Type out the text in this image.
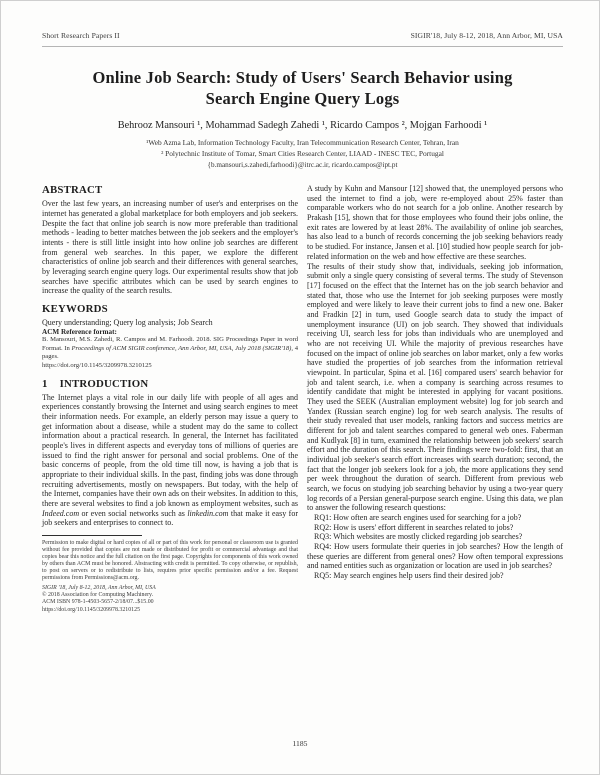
Short Research Papers II	SIGIR'18, July 8-12, 2018, Ann Arbor, MI, USA
Online Job Search: Study of Users' Search Behavior using
Search Engine Query Logs
Behrooz Mansouri ¹, Mohammad Sadegh Zahedi ¹, Ricardo Campos ², Mojgan Farhoodi ¹
¹Web Azma Lab, Information Technology Faculty, Iran Telecommunication Research Center, Tehran, Iran
² Polytechnic Institute of Tomar, Smart Cities Research Center, LIAAD - INESC TEC, Portugal
{b.mansouri,s.zahedi,farhoodi}@itrc.ac.ir, ricardo.campos@ipt.pt
ABSTRACT

Over the last few years, an increasing number of user's and enterprises on the internet has generated a global marketplace for both employers and job seekers. Despite the fact that online job search is now more preferable than traditional methods - leading to better matches between the job seekers and the employer's intents - there is still little insight into how online job searches are different from general web searches. In this paper, we explore the different characteristics of online job search and their differences with general searches, by leveraging search engine query logs. Our experimental results show that job searches have specific attributes which can be used by search engines to increase the quality of the search results.

KEYWORDS

Query understanding; Query log analysis; Job Search

ACM Reference format:

B. Mansouri, M.S. Zahedi, R. Campos and M. Farhoodi. 2018. SIG Proceedings Paper in word Format. In Proceedings of ACM SIGIR conference, Ann Arbor, MI, USA, July 2018 (SIGIR'18), 4 pages.
https://doi.org/10.1145/3209978.3210125

1 INTRODUCTION

The Internet plays a vital role in our daily life with people of all ages and experiences constantly browsing the Internet and using search engines to meet their information needs. For example, an elderly person may issue a query to get information about a disease, while a student may do the same to collect information about a practical research. In general, the Internet has facilitated people's lives in different aspects and everyday tons of millions of queries are issued to find the right answer for personal and social problems. One of the basic concerns of people, from the old time till now, is having a job that is appropriate to their individual skills. In the past, finding jobs was done through recruiting advertisements, mostly on newspapers. But today, with the help of the Internet, companies have their own ads on their websites. In addition to this, there are several websites to find a job known as employment websites, such as Indeed.com or even social networks such as linkedin.com that make it easy for job seekers and enterprises to connect to.

Permission to make digital or hard copies of all or part of this work for personal or classroom use is granted without fee provided that copies are not made or distributed for profit or commercial advantage and that copies bear this notice and the full citation on the first page. Copyrights for components of this work owned by others than ACM must be honored. Abstracting with credit is permitted. To copy otherwise, or republish, to post on servers or to redistribute to lists, requires prior specific permission and/or a fee. Request permissions from Permissions@acm.org.

SIGIR '18, July 8-12, 2018, Ann Arbor, MI, USA
© 2018 Association for Computing Machinery.
ACM ISBN 978-1-4503-5657-2/18/07...$15.00
https://doi.org/10.1145/3209978.3210125

A study by Kuhn and Mansour [12] showed that, the unemployed persons who used the internet to find a job, were re-employed about 25% faster than comparable workers who do not search for a job online. Another research by Prakash [15], shown that for those employees who found their jobs online, the exit rates are lowered by at least 28%. The availability of online job searches, has also lead to a bunch of records concerning the job seeking behaviors ready to be studied. For instance, Jansen et al. [10] studied how people search for job-related information on the web and how effective are these searches.

The results of their study show that, individuals, seeking job information, submit only a single query consisting of several terms. The study of Stevenson [17] focused on the effect that the Internet has on the job search behavior and stated that, those who use the Internet for job seeking purposes were mostly employed and were likely to leave their current jobs to find a new one. Baker and Fradkin [2] in turn, used Google search data to study the impact of unemployment insurance (UI) on job search. They showed that individuals receiving UI, search less for jobs than individuals who are unemployed and who are not receiving UI. While the majority of previous researches have focused on the impact of online job searches on labor market, only a few works have studied the properties of job searches from the information retrieval viewpoint. In particular, Spina et al. [16] compared users' search behavior for job and talent search, i.e. when a company is searching across resumes to identify candidate that might be interested in applying for vacant positions. They used the SEEK (Australian employment website) log for job search and Yandex (Russian search engine) log for web search analysis. The results of their study revealed that user models, ranking factors and success metrics are different for job and talent searches compared to general web ones. Faberman and Kudlyak [8] in turn, examined the relationship between job seekers' search effort and the duration of this search. Their findings were two-fold: first, that an individual job seeker's search effort increases with search duration; second, the fact that the longer job seekers look for a job, the more applications they send per week throughout the duration of search. Different from previous web search, we focus on studying job searching behavior by using a two-year query log records of a Persian general-purpose search engine. Using this data, we plan to answer the following research questions:

RQ1: How often are search engines used for searching for a job?

RQ2: How is users' effort different in searches related to jobs?

RQ3: Which websites are mostly clicked regarding job searches?

RQ4: How users formulate their queries in job searches? How the length of these queries are different from general ones? How often temporal expressions and named entities such as organization or location are used in job searches?

RQ5: May search engines help users find their desired job?

1185
